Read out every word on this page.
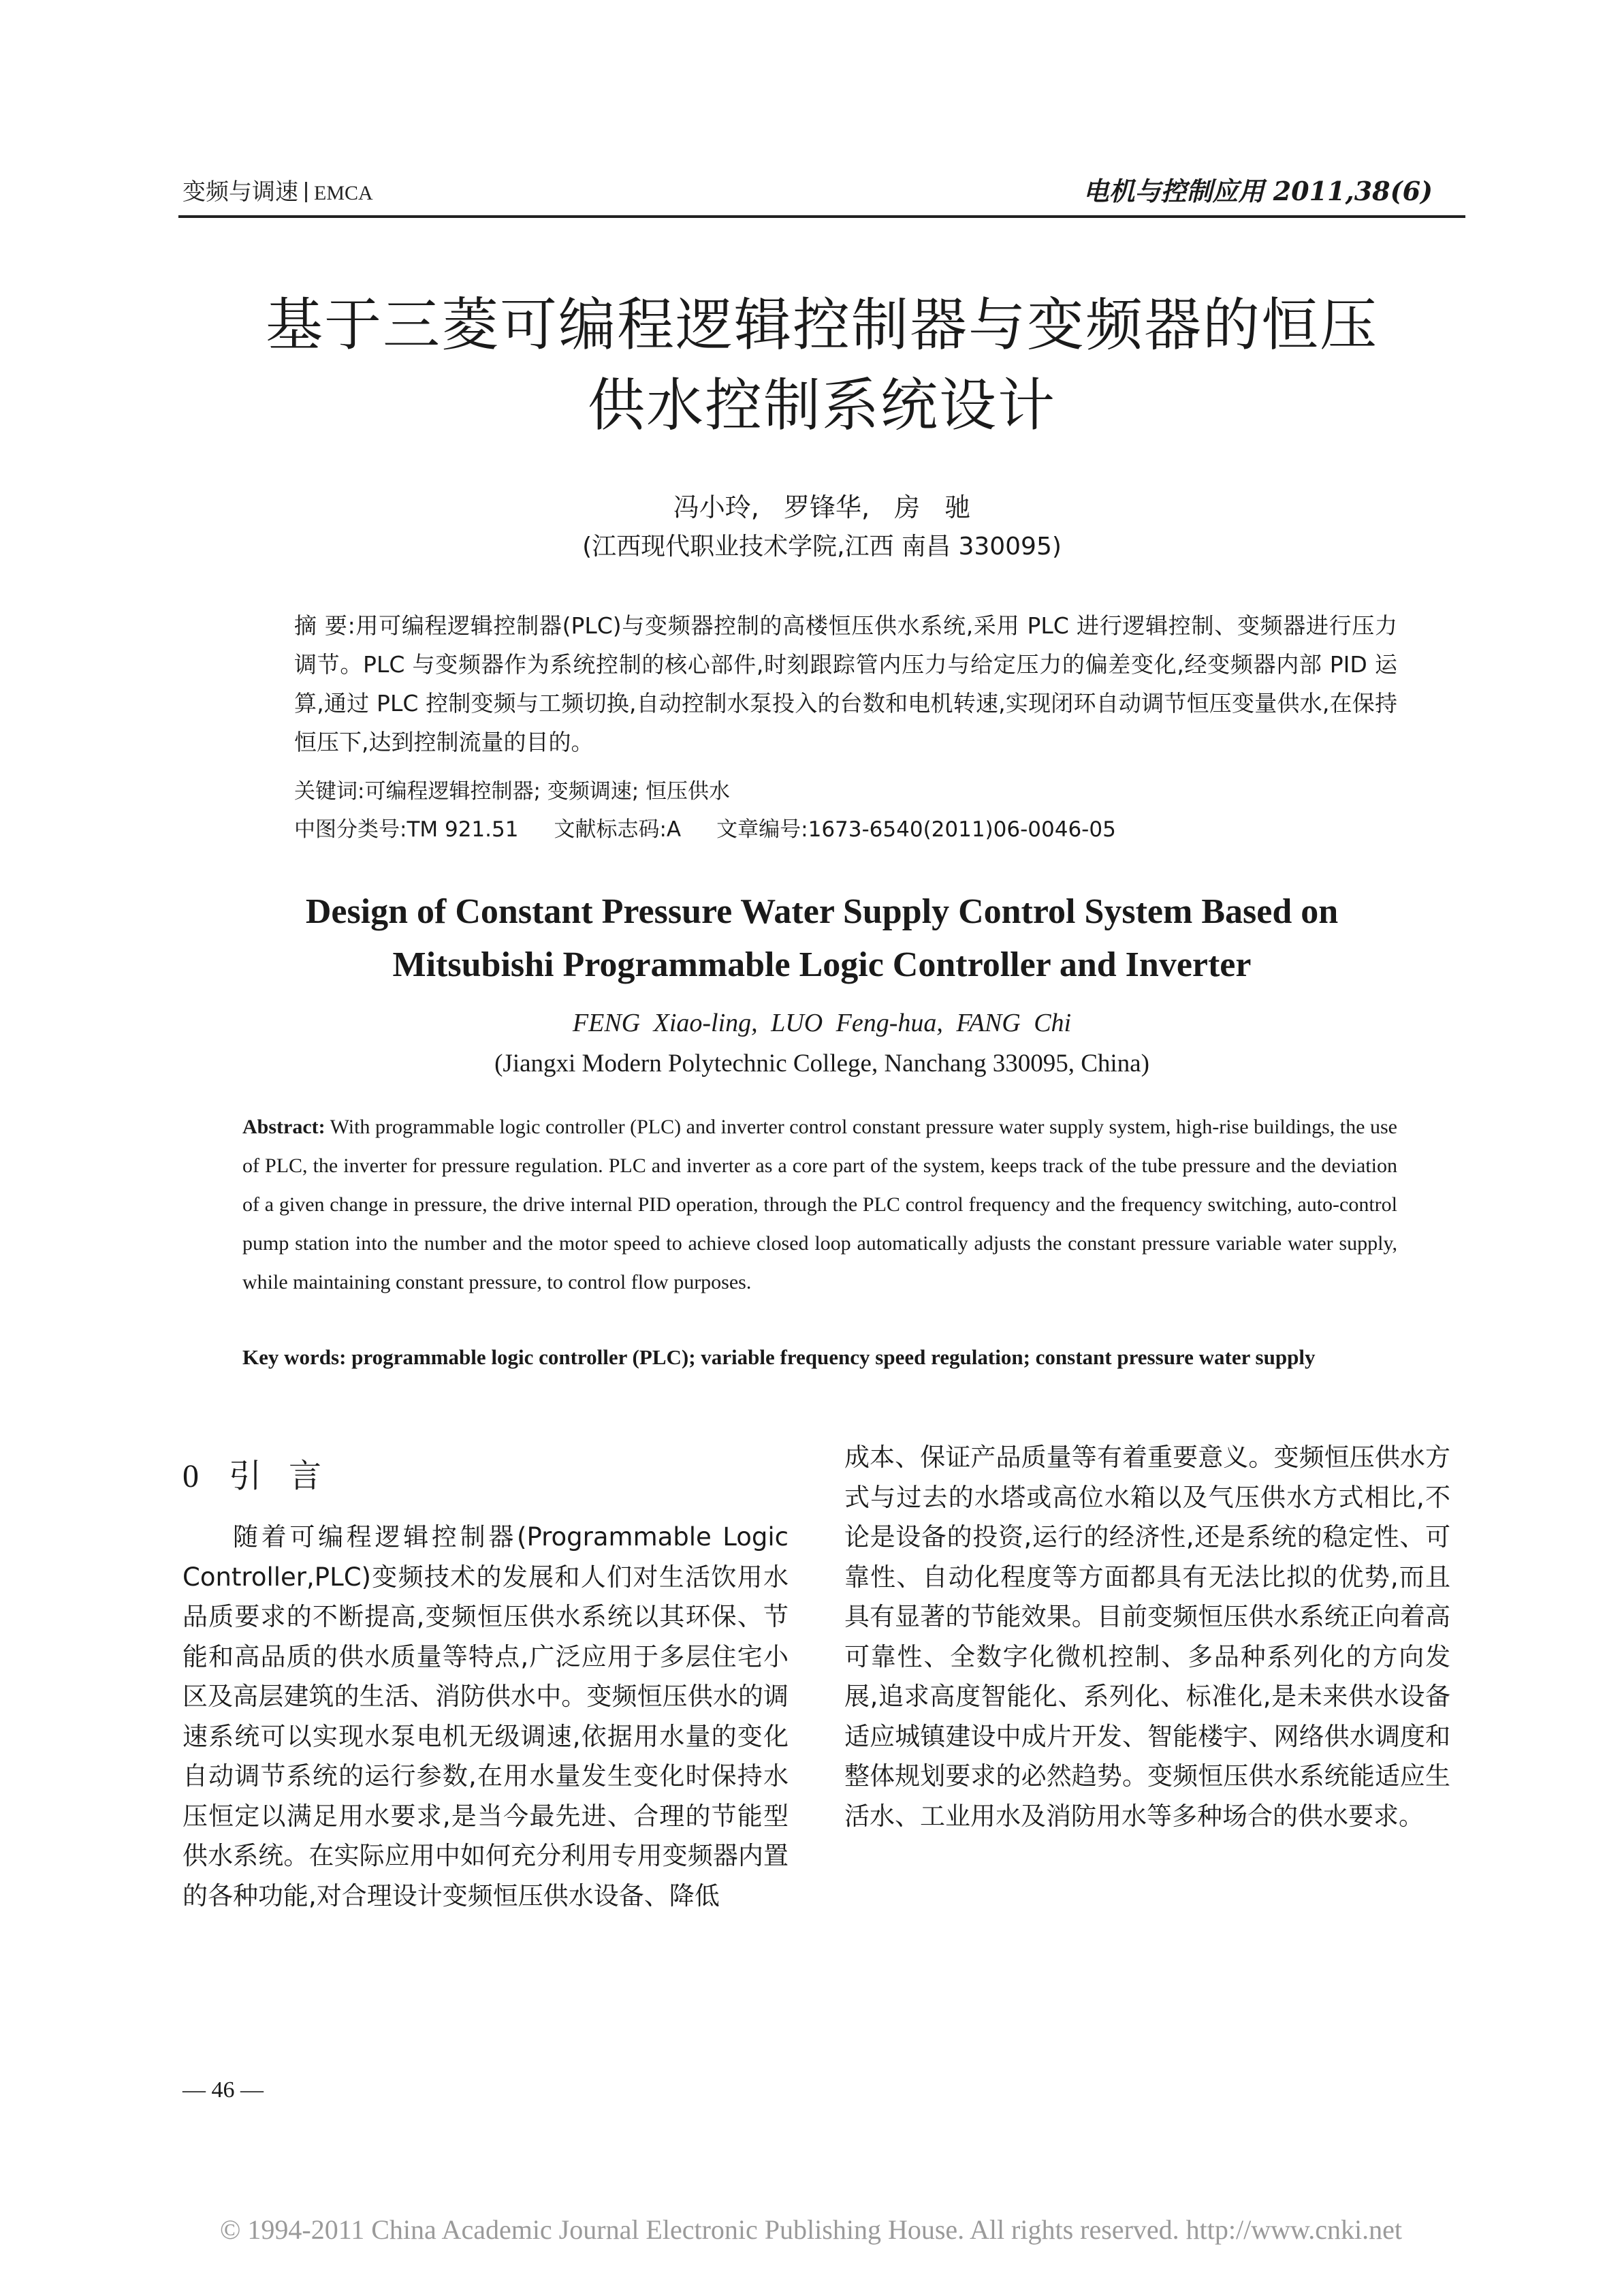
变频与调速 EMCA	电机与控制应用 2011,38(6)
基于三菱可编程逻辑控制器与变频器的恒压
供水控制系统设计
冯小玲, 罗锋华, 房 驰
(江西现代职业技术学院,江西 南昌 330095)
摘 要:用可编程逻辑控制器(PLC)与变频器控制的高楼恒压供水系统,采用 PLC 进行逻辑控制、变频器进行压力调节。PLC 与变频器作为系统控制的核心部件,时刻跟踪管内压力与给定压力的偏差变化,经变频器内部 PID 运算,通过 PLC 控制变频与工频切换,自动控制水泵投入的台数和电机转速,实现闭环自动调节恒压变量供水,在保持恒压下,达到控制流量的目的。
关键词:可编程逻辑控制器; 变频调速; 恒压供水
中图分类号:TM 921.51 文献标志码:A 文章编号:1673-6540(2011)06-0046-05
Design of Constant Pressure Water Supply Control System Based on
Mitsubishi Programmable Logic Controller and Inverter
FENG Xiao-ling, LUO Feng-hua, FANG Chi
(Jiangxi Modern Polytechnic College, Nanchang 330095, China)
Abstract: With programmable logic controller (PLC) and inverter control constant pressure water supply system, high-rise buildings, the use of PLC, the inverter for pressure regulation. PLC and inverter as a core part of the system, keeps track of the tube pressure and the deviation of a given change in pressure, the drive internal PID operation, through the PLC control frequency and the frequency switching, auto-control pump station into the number and the motor speed to achieve closed loop automatically adjusts the constant pressure variable water supply, while maintaining constant pressure, to control flow purposes.
Key words: programmable logic controller (PLC); variable frequency speed regulation; constant pressure water supply
0 引言
随着可编程逻辑控制器(Programmable Logic Controller,PLC)变频技术的发展和人们对生活饮用水品质要求的不断提高,变频恒压供水系统以其环保、节能和高品质的供水质量等特点,广泛应用于多层住宅小区及高层建筑的生活、消防供水中。变频恒压供水的调速系统可以实现水泵电机无级调速,依据用水量的变化自动调节系统的运行参数,在用水量发生变化时保持水压恒定以满足用水要求,是当今最先进、合理的节能型供水系统。在实际应用中如何充分利用专用变频器内置的各种功能,对合理设计变频恒压供水设备、降低
成本、保证产品质量等有着重要意义。变频恒压供水方式与过去的水塔或高位水箱以及气压供水方式相比,不论是设备的投资,运行的经济性,还是系统的稳定性、可靠性、自动化程度等方面都具有无法比拟的优势,而且具有显著的节能效果。目前变频恒压供水系统正向着高可靠性、全数字化微机控制、多品种系列化的方向发展,追求高度智能化、系列化、标准化,是未来供水设备适应城镇建设中成片开发、智能楼宇、网络供水调度和整体规划要求的必然趋势。变频恒压供水系统能适应生活水、工业用水及消防用水等多种场合的供水要求。
— 46 —
© 1994-2011 China Academic Journal Electronic Publishing House. All rights reserved. http://www.cnki.net
